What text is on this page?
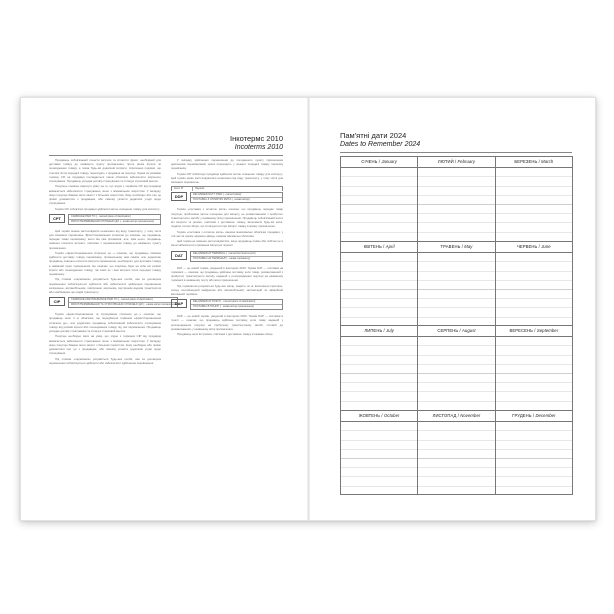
Інкотермс 2010
Incoterms 2010

Продавець зобов'язаний понести витрати та сплатити фрахт, необхідний для доставки товару до названого пункту призначення, проте ризик втрати чи пошкодження товару, а також будь-які додаткові витрати, спричинені подіями, що сталися після передачі товару, переходять з продавця на покупця. Однак за умовами терміну CIF на продавця покладається також обов'язок забезпечити морського страхування. Продавець укладає договір страхування та сплачує страховий внесок.

Покупець повинен звернути увагу на те, що згідно з терміном CIF від продавця вимагається забезпечити страхування лише з мінімальним покриттям. У випадку, якщо покупцю бажано мати захист з більшим покриттям, йому необхідно або про це прямо домовитися з продавцем, або самому укласти додаткові угоди щодо страхування.

Термін CIF зобов'язує продавця здійснити митне очищення товару для експорту.

CPT	CARRIAGE PAID TO [...named place of destination]
ФРАХТ/ПЕРЕВЕЗЕННЯ СПЛАЧЕНО ДО [...назва місця призначення]

Цей термін можна застосовувати незалежно від виду транспорту, у тому числі для змішаних перевезень. Фрахт/перевезення сплачено до означає, що продавець передає товар перевізнику, якого він сам призначив, але, крім цього, продавець повинен оплатити витрати, пов'язані з перевезенням товару до названого пункту призначення.

Термін «фрахт/перевезення сплачено до...» означає, що продавець повинен здійснити доставку товару перевізнику, призначеному ним самим, але додатково продавець повинен оплатити витрати перевезення, необхідного для доставки товару в названий пункт призначення. Це означає, що покупець бере на себе всі ризики втрати або пошкодження товару, так само як і інші витрати після передачі товару перевізнику.

Під словом «перевізник» розуміється будь-яка особа, яка за договором перевезення зобов'язується здійснити або забезпечити здійснення перевезення залізницею, автомобільним, повітряним, морським, внутрішнім водним транспортом або комбінацією цих видів транспорту.

CIP	CARRIAGE AND INSURANCE PAID TO [...named place of destination]
ФРАХТ/ПЕРЕВЕЗЕННЯ ТА СТРАХУВАННЯ СПЛАЧЕНО ДО [...назва місця призначення]

Термін «фрахт/перевезення та страхування сплачено до...» означає, що продавець несе ті ж обов'язки, що передбачені терміном «фрахт/перевезення сплачено до», але додатково продавець зобов'язаний забезпечити страхування товару від ризиків втрати або пошкодження товару під час перевезення. Продавець укладає договір страхування та сплачує страховий внесок.

Покупцю необхідно мати на увазі, що згідно з терміном CIP від продавця вимагається забезпечити страхування лише з мінімальним покриттям. У випадку, якщо покупцю бажано мати захист з більшим покриттям, йому необхідно або прямо домовитися про це з продавцем, або самому укласти додаткові угоди щодо страхування.

Під словом «перевізник» розуміється будь-яка особа, яка за договором перевезення зобов'язується здійснити або забезпечити здійснення перевезення.

У випадку здійснення перевезення до погодженого пункту призначення декількома перевізниками ризик переходить у момент передачі товару першому перевізнику.

Термін CIP зобов'язує продавця здійснити митне очищення товару для експорту. Цей термін може застосовуватися незалежно від виду транспорту, у тому числі для змішаних перевезень.

Incot. B.	Перелік
DDP	DELIVERED DUTY PAID [...named place]
ПОСТАВКА З ОПЛАТОЮ МИТА [...назва місця]

Термін «поставка з оплатою мита» означає, що продавець передає товар покупцю, пройшовши митне очищення для імпорту, не розвантаженим з прибулого транспортного засобу у названому місці призначення. Продавець зобов'язаний нести всі витрати та ризики, пов'язані з доставкою товару, включаючи будь-які мита, податки та інші збори, що сплачуються при імпорті товару в країну призначення.

Термін «поставка з оплатою мита» означає максимальні обов'язки продавця, у той час як термін «франко-завод» означає мінімальні обов'язки.

Цей термін не повинен застосовуватися, якщо продавець прямо або побічно не в змозі забезпечити отримання імпортної ліцензії.

DAT	DELIVERED AT TERMINAL [...named terminal at port]
ПОСТАВКА НА ТЕРМІНАЛІ [...назва терміналу]

DAT — це новий термін, уведений в Інкотермс 2010. Термін DAT — поставка на терміналі — означає, що продавець здійснює поставку, коли товар, розвантажений з прибулого транспортного засобу, наданий у розпорядження покупця на названому терміналі в названому порту або місці призначення.

Під терміналом розуміється будь-яке місце, закрите чи ні, включаючи пристань, склад, контейнерний майданчик або автомобільний, залізничний чи авіаційний вантажний термінал.

DAP	DELIVERED AT POINT [...named place of destination]
ПОСТАВКА В ПУНКТІ [...назва місця призначення]

DAP — це новий термін, уведений в Інкотермс 2010. Термін DAP — поставка в пункті — означає, що продавець здійснює поставку, коли товар наданий у розпорядження покупця на прибулому транспортному засобі, готовий до розвантаження, у названому місці призначення.

Продавець несе всі ризики, пов'язані з доставкою товару в назване місце.

Пам'ятні дати 2024
Dates to Remember 2024
СІЧЕНЬ / January	ЛЮТИЙ / February	БЕРЕЗЕНЬ / March
КВІТЕНЬ / April	ТРАВЕНЬ / May	ЧЕРВЕНЬ / June
ЛИПЕНЬ / July	СЕРПЕНЬ / August	ВЕРЕСЕНЬ / September
ЖОВТЕНЬ / October	ЛИСТОПАД / November	ГРУДЕНЬ / December
